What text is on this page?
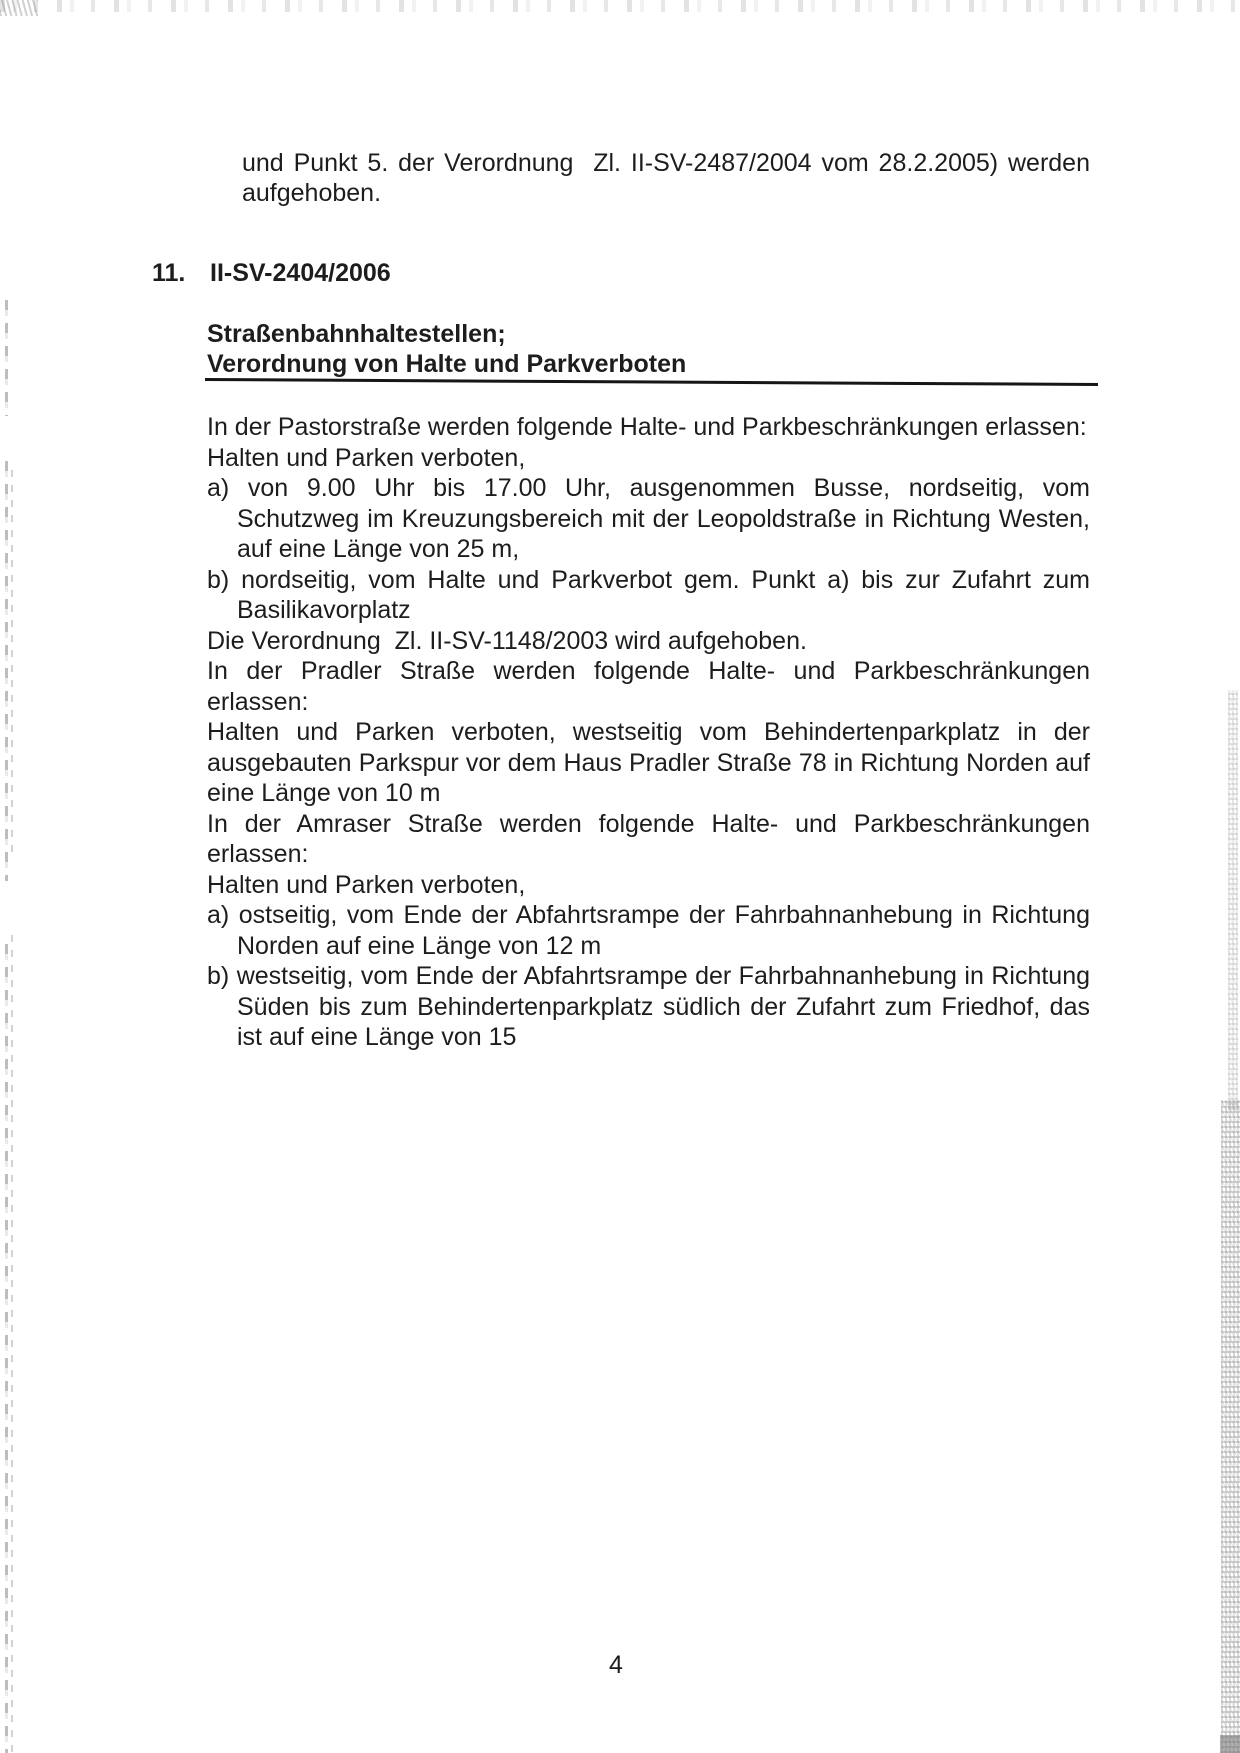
und Punkt 5. der Verordnung  Zl. II-SV-2487/2004 vom 28.2.2005) werden aufgehoben.
11. II-SV-2404/2006
Straßenbahnhaltestellen;
Verordnung von Halte und Parkverboten
In der Pastorstraße werden folgende Halte- und Parkbeschränkungen erlassen:
Halten und Parken verboten,
a) von 9.00 Uhr bis 17.00 Uhr, ausgenommen Busse, nordseitig, vom Schutzweg im Kreuzungsbereich mit der Leopoldstraße in Richtung Westen, auf eine Länge von 25 m,
b) nordseitig, vom Halte und Parkverbot gem. Punkt a) bis zur Zufahrt zum Basilikavorplatz
Die Verordnung  Zl. II-SV-1148/2003 wird aufgehoben.
In der Pradler Straße werden folgende Halte- und Parkbeschränkungen erlassen:
Halten und Parken verboten, westseitig vom Behindertenparkplatz in der ausgebauten Parkspur vor dem Haus Pradler Straße 78 in Richtung Norden auf eine Länge von 10 m
In der Amraser Straße werden folgende Halte- und Parkbeschränkungen erlassen:
Halten und Parken verboten,
a) ostseitig, vom Ende der Abfahrtsrampe der Fahrbahnanhebung in Richtung Norden auf eine Länge von 12 m
b) westseitig, vom Ende der Abfahrtsrampe der Fahrbahnanhebung in Richtung Süden bis zum Behindertenparkplatz südlich der Zufahrt zum Friedhof, das ist auf eine Länge von 15
4
